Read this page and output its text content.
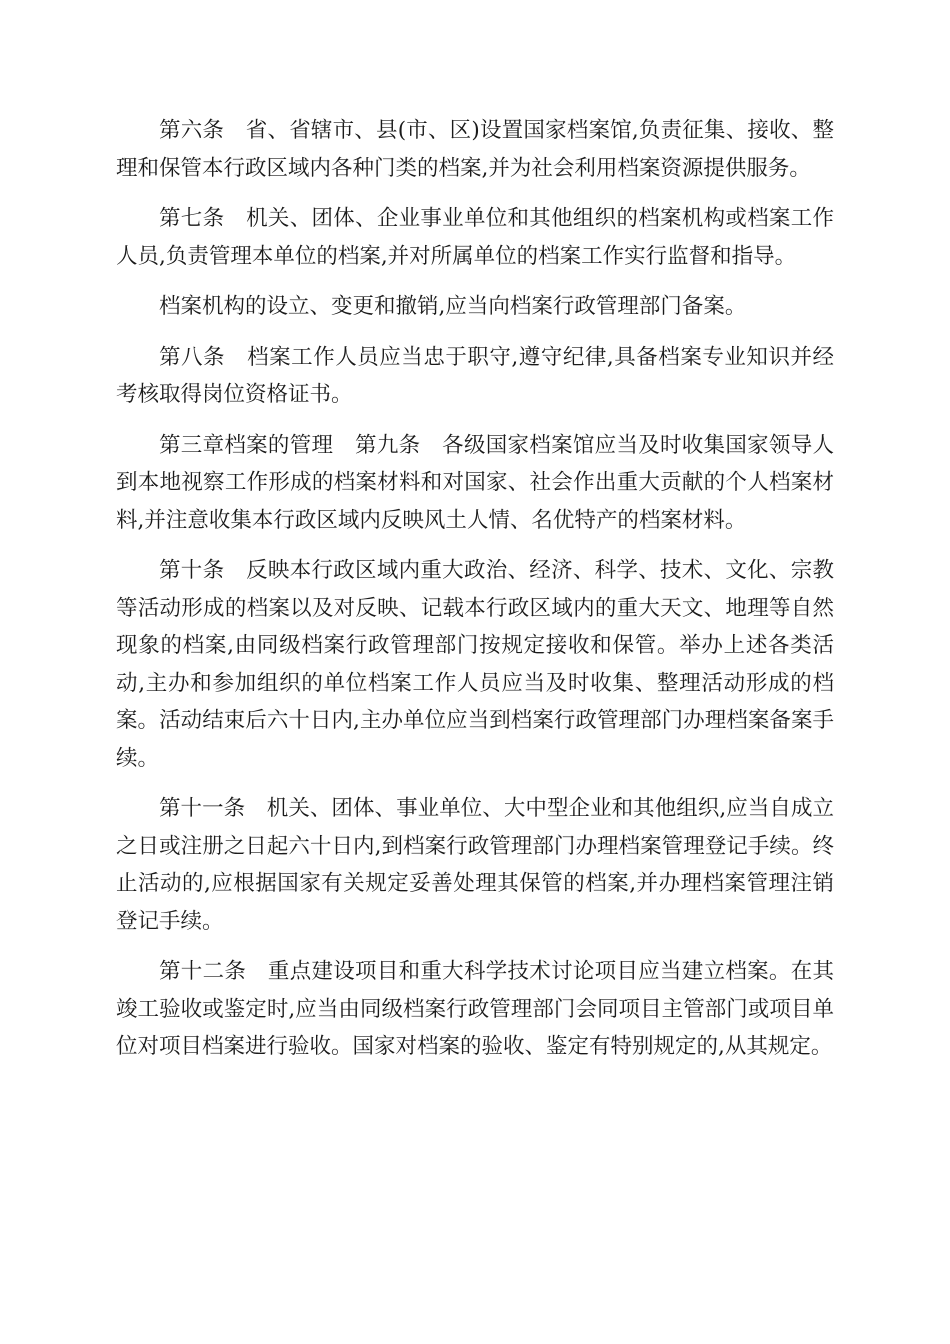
第六条　省、省辖市、县(市、区)设置国家档案馆,负责征集、接收、整理和保管本行政区域内各种门类的档案,并为社会利用档案资源提供服务。

第七条　机关、团体、企业事业单位和其他组织的档案机构或档案工作人员,负责管理本单位的档案,并对所属单位的档案工作实行监督和指导。

档案机构的设立、变更和撤销,应当向档案行政管理部门备案。

第八条　档案工作人员应当忠于职守,遵守纪律,具备档案专业知识并经考核取得岗位资格证书。

第三章档案的管理　第九条　各级国家档案馆应当及时收集国家领导人到本地视察工作形成的档案材料和对国家、社会作出重大贡献的个人档案材料,并注意收集本行政区域内反映风土人情、名优特产的档案材料。

第十条　反映本行政区域内重大政治、经济、科学、技术、文化、宗教等活动形成的档案以及对反映、记载本行政区域内的重大天文、地理等自然现象的档案,由同级档案行政管理部门按规定接收和保管。举办上述各类活动,主办和参加组织的单位档案工作人员应当及时收集、整理活动形成的档案。活动结束后六十日内,主办单位应当到档案行政管理部门办理档案备案手续。

第十一条　机关、团体、事业单位、大中型企业和其他组织,应当自成立之日或注册之日起六十日内,到档案行政管理部门办理档案管理登记手续。终止活动的,应根据国家有关规定妥善处理其保管的档案,并办理档案管理注销登记手续。

第十二条　重点建设项目和重大科学技术讨论项目应当建立档案。在其竣工验收或鉴定时,应当由同级档案行政管理部门会同项目主管部门或项目单位对项目档案进行验收。国家对档案的验收、鉴定有特别规定的,从其规定。
